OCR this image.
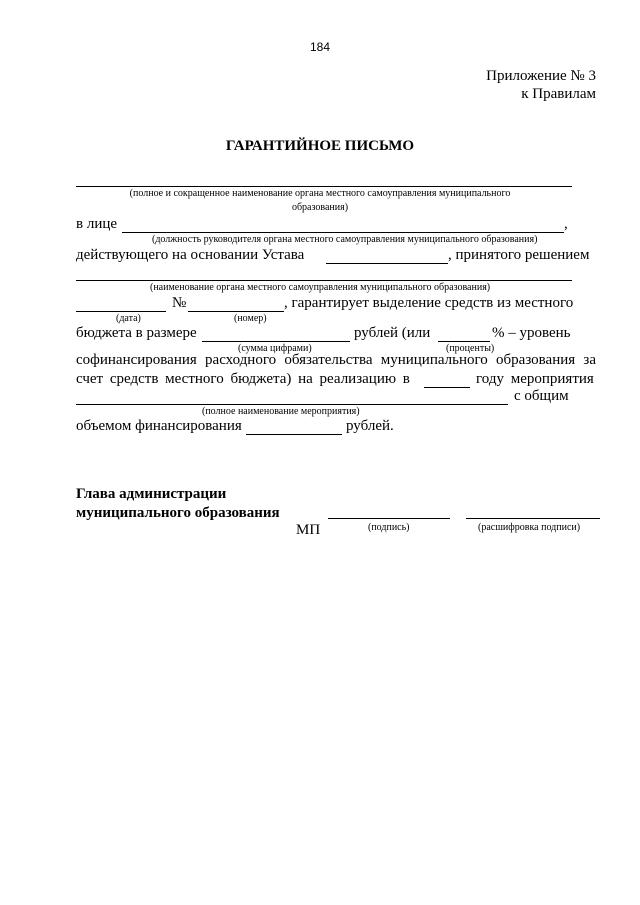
184
Приложение № 3
к Правилам
ГАРАНТИЙНОЕ ПИСЬМО
(полное и сокращенное наименование органа местного самоуправления муниципального
образования)
в лице	,
(должность руководителя органа местного самоуправления муниципального образования)
действующего на основании Устава	, принятого решением
(наименование органа местного самоуправления муниципального образования)
№	, гарантирует выделение средств из местного
(дата)	(номер)
бюджета в размере	рублей (или	% – уровень
(сумма цифрами)	(проценты)
софинансирования расходного обязательства муниципального образования за
счет средств местного бюджета) на реализацию в	году мероприятия
с общим
(полное наименование мероприятия)
объемом финансирования	рублей.
Глава администрации
муниципального образования
МП	(подпись)	(расшифровка подписи)
